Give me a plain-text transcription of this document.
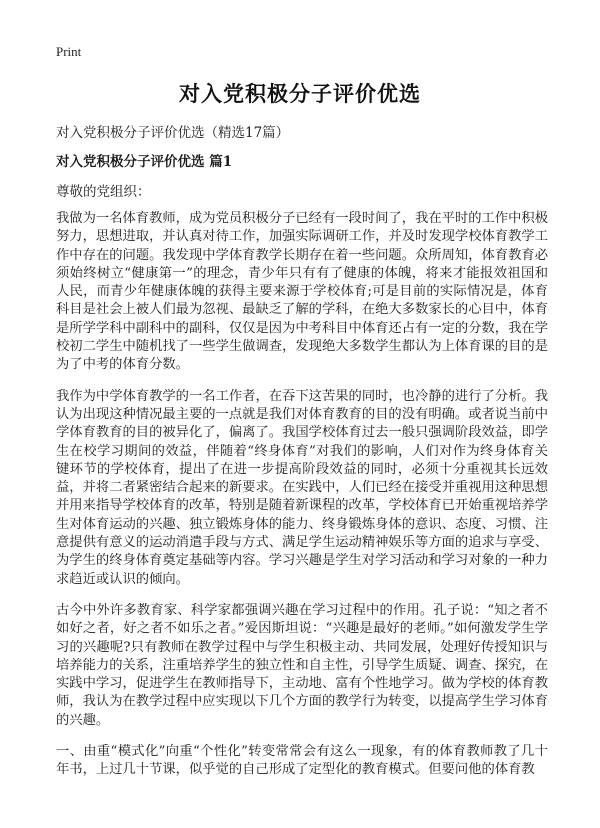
Print
对入党积极分子评价优选
对入党积极分子评价优选（精选17篇）
对入党积极分子评价优选 篇1
尊敬的党组织：

我做为一名体育教师，成为党员积极分子已经有一段时间了，我在平时的工作中积极努力，思想进取，并认真对待工作，加强实际调研工作，并及时发现学校体育教学工作中存在的问题。我发现中学体育教学长期存在着一些问题。众所周知，体育教育必须始终树立“健康第一”的理念，青少年只有有了健康的体魄，将来才能报效祖国和人民，而青少年健康体魄的获得主要来源于学校体育;可是目前的实际情况是，体育科目是社会上被人们最为忽视、最缺乏了解的学科，在绝大多数家长的心目中，体育是所学学科中副科中的副科，仅仅是因为中考科目中体育还占有一定的分数，我在学校初二学生中随机找了一些学生做调查，发现绝大多数学生都认为上体育课的目的是为了中考的体育分数。

我作为中学体育教学的一名工作者，在吞下这苦果的同时，也冷静的进行了分析。我认为出现这种情况最主要的一点就是我们对体育教育的目的没有明确。或者说当前中学体育教育的目的被异化了，偏离了。我国学校体育过去一般只强调阶段效益，即学生在校学习期间的效益，伴随着“终身体育”对我们的影响，人们对作为终身体育关键环节的学校体育，提出了在进一步提高阶段效益的同时，必须十分重视其长远效益，并将二者紧密结合起来的新要求。在实践中，人们已经在接受并重视用这种思想并用来指导学校体育的改革，特别是随着新课程的改革，学校体育已开始重视培养学生对体育运动的兴趣、独立锻炼身体的能力、终身锻炼身体的意识、态度、习惯、注意提供有意义的运动消遣手段与方式、满足学生运动精神娱乐等方面的追求与享受、为学生的终身体育奠定基础等内容。学习兴趣是学生对学习活动和学习对象的一种力求趋近或认识的倾向。

古今中外许多教育家、科学家都强调兴趣在学习过程中的作用。孔子说：“知之者不如好之者，好之者不如乐之者。”爱因斯坦说：“兴趣是最好的老师。”如何激发学生学习的兴趣呢?只有教师在教学过程中与学生积极主动、共同发展，处理好传授知识与培养能力的关系，注重培养学生的独立性和自主性，引导学生质疑、调查、探究，在实践中学习，促进学生在教师指导下，主动地、富有个性地学习。做为学校的体育教师，我认为在教学过程中应实现以下几个方面的教学行为转变，以提高学生学习体育的兴趣。

一、由重“模式化”向重“个性化”转变常常会有这么一现象，有的体育教师教了几十年书，上过几十节课，似乎觉的自己形成了定型化的教育模式。但要问他的体育教
